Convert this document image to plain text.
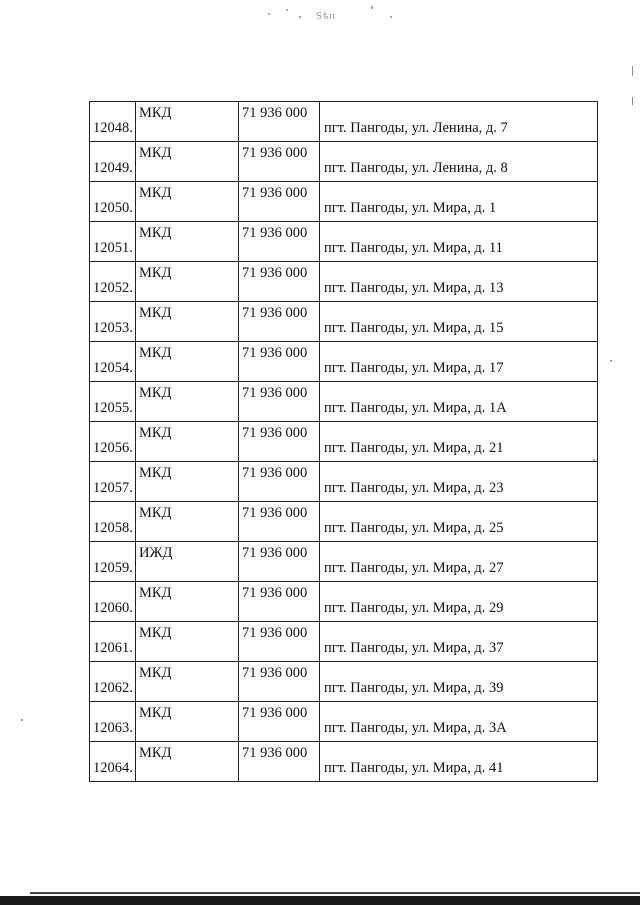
Ѕѣп
12048.	МКД	71 936 000	пгт. Пангоды, ул. Ленина, д. 7
12049.	МКД	71 936 000	пгт. Пангоды, ул. Ленина, д. 8
12050.	МКД	71 936 000	пгт. Пангоды, ул. Мира, д. 1
12051.	МКД	71 936 000	пгт. Пангоды, ул. Мира, д. 11
12052.	МКД	71 936 000	пгт. Пангоды, ул. Мира, д. 13
12053.	МКД	71 936 000	пгт. Пангоды, ул. Мира, д. 15
12054.	МКД	71 936 000	пгт. Пангоды, ул. Мира, д. 17
12055.	МКД	71 936 000	пгт. Пангоды, ул. Мира, д. 1А
12056.	МКД	71 936 000	пгт. Пангоды, ул. Мира, д. 21
12057.	МКД	71 936 000	пгт. Пангоды, ул. Мира, д. 23
12058.	МКД	71 936 000	пгт. Пангоды, ул. Мира, д. 25
12059.	ИЖД	71 936 000	пгт. Пангоды, ул. Мира, д. 27
12060.	МКД	71 936 000	пгт. Пангоды, ул. Мира, д. 29
12061.	МКД	71 936 000	пгт. Пангоды, ул. Мира, д. 37
12062.	МКД	71 936 000	пгт. Пангоды, ул. Мира, д. 39
12063.	МКД	71 936 000	пгт. Пангоды, ул. Мира, д. 3А
12064.	МКД	71 936 000	пгт. Пангоды, ул. Мира, д. 41
